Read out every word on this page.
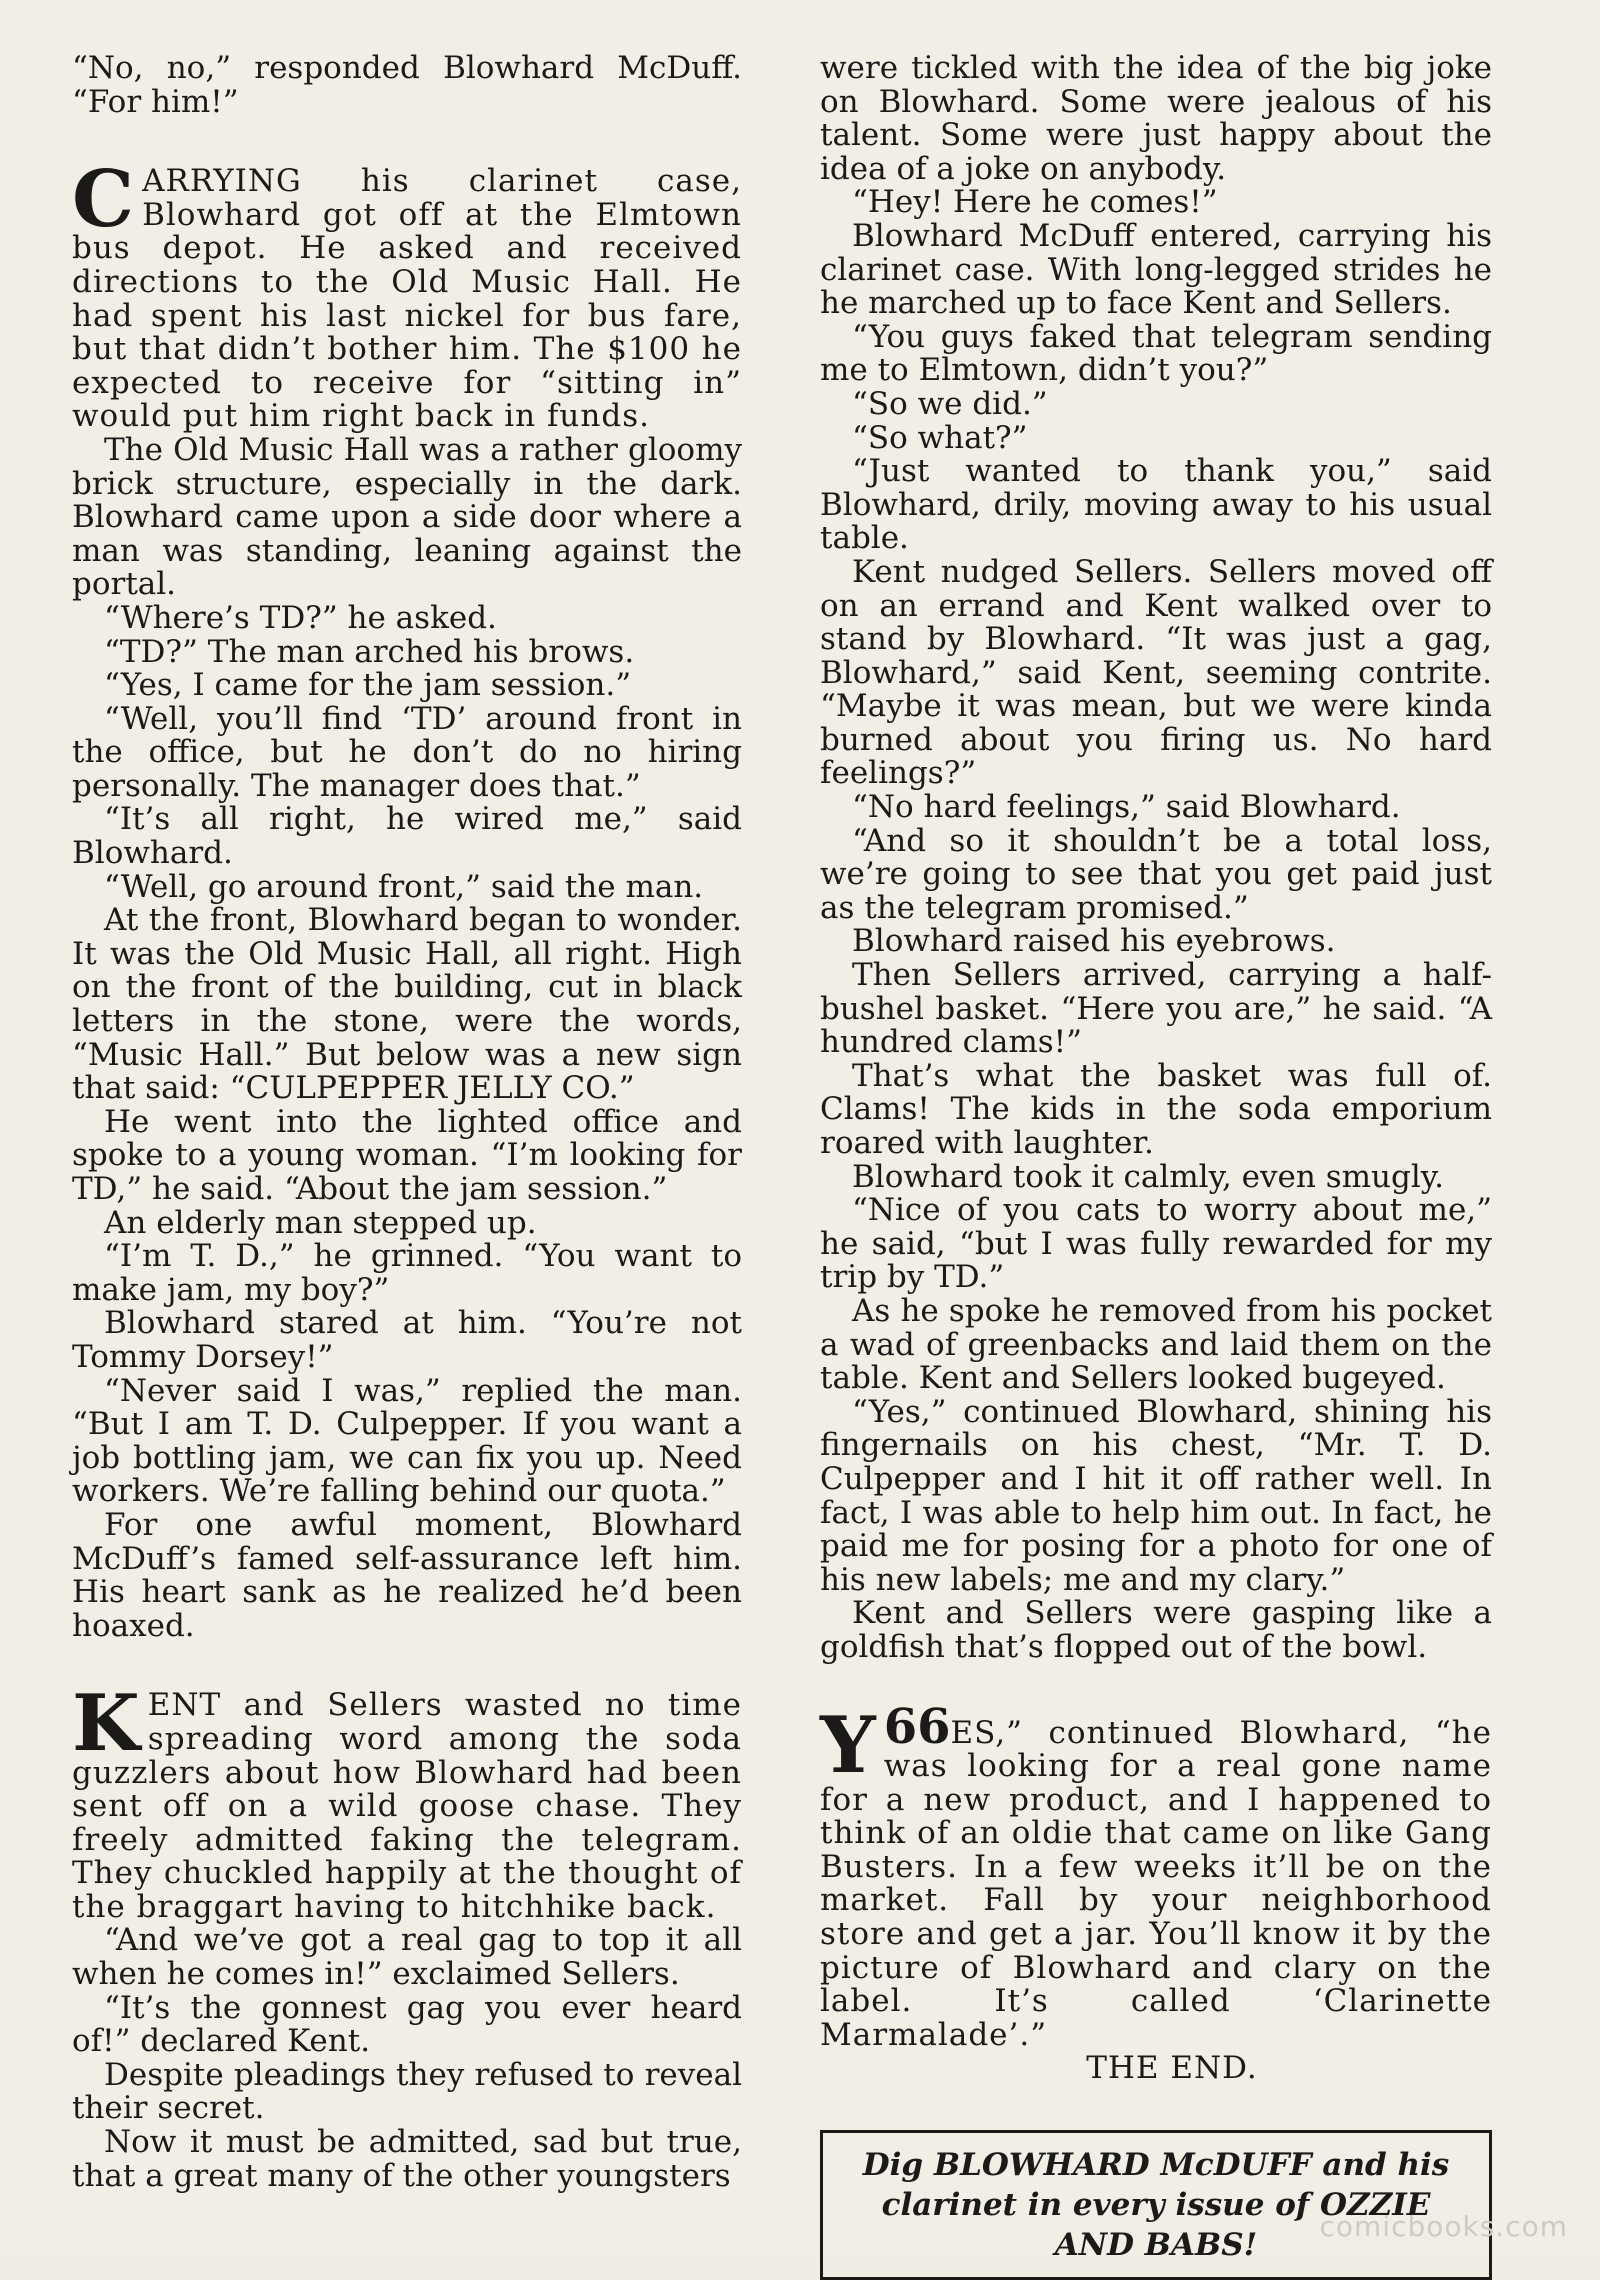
“No, no,” responded Blowhard McDuff. “For him!”

CARRYING his clarinet case, Blowhard got off at the Elmtown bus depot. He asked and received directions to the Old Music Hall. He had spent his last nickel for bus fare, but that didn’t bother him. The $100 he expected to receive for “sitting in” would put him right back in funds.

The Old Music Hall was a rather gloomy brick structure, especially in the dark. Blowhard came upon a side door where a man was standing, leaning against the portal.

“Where’s TD?” he asked.

“TD?” The man arched his brows.

“Yes, I came for the jam session.”

“Well, you’ll find ‘TD’ around front in the office, but he don’t do no hiring personally. The manager does that.”

“It’s all right, he wired me,” said Blowhard.

“Well, go around front,” said the man.

At the front, Blowhard began to wonder. It was the Old Music Hall, all right. High on the front of the building, cut in black letters in the stone, were the words, “Music Hall.” But below was a new sign that said: “CULPEPPER JELLY CO.”

He went into the lighted office and spoke to a young woman. “I’m looking for TD,” he said. “About the jam session.”

An elderly man stepped up.

“I’m T. D.,” he grinned. “You want to make jam, my boy?”

Blowhard stared at him. “You’re not Tommy Dorsey!”

“Never said I was,” replied the man. “But I am T. D. Culpepper. If you want a job bottling jam, we can fix you up. Need workers. We’re falling behind our quota.”

For one awful moment, Blowhard McDuff’s famed self-assurance left him. His heart sank as he realized he’d been hoaxed.

KENT and Sellers wasted no time spreading word among the soda guzzlers about how Blowhard had been sent off on a wild goose chase. They freely admitted faking the telegram. They chuckled happily at the thought of the braggart having to hitchhike back.

“And we’ve got a real gag to top it all when he comes in!” exclaimed Sellers.

“It’s the gonnest gag you ever heard of!” declared Kent.

Despite pleadings they refused to reveal their secret.

Now it must be admitted, sad but true, that a great many of the other youngsters

were tickled with the idea of the big joke on Blowhard. Some were jealous of his talent. Some were just happy about the idea of a joke on anybody.

“Hey! Here he comes!”

Blowhard McDuff entered, carrying his clarinet case. With long-legged strides he he marched up to face Kent and Sellers.

“You guys faked that telegram sending me to Elmtown, didn’t you?”

“So we did.”

“So what?”

“Just wanted to thank you,” said Blowhard, drily, moving away to his usual table.

Kent nudged Sellers. Sellers moved off on an errand and Kent walked over to stand by Blowhard. “It was just a gag, Blowhard,” said Kent, seeming contrite. “Maybe it was mean, but we were kinda burned about you firing us. No hard feelings?”

“No hard feelings,” said Blowhard.

“And so it shouldn’t be a total loss, we’re going to see that you get paid just as the telegram promised.”

Blowhard raised his eyebrows.

Then Sellers arrived, carrying a half-bushel basket. “Here you are,” he said. “A hundred clams!”

That’s what the basket was full of. Clams! The kids in the soda emporium roared with laughter.

Blowhard took it calmly, even smugly.

“Nice of you cats to worry about me,” he said, “but I was fully rewarded for my trip by TD.”

As he spoke he removed from his pocket a wad of greenbacks and laid them on the table. Kent and Sellers looked bugeyed.

“Yes,” continued Blowhard, shining his fingernails on his chest, “Mr. T. D. Culpepper and I hit it off rather well. In fact, I was able to help him out. In fact, he paid me for posing for a photo for one of his new labels; me and my clary.”

Kent and Sellers were gasping like a goldfish that’s flopped out of the bowl.

66
Y ES,” continued Blowhard, “he was looking for a real gone name for a new product, and I happened to think of an oldie that came on like Gang Busters. In a few weeks it’ll be on the market. Fall by your neighborhood store and get a jar. You’ll know it by the picture of Blowhard and clary on the label. It’s called ‘Clarinette Marmalade’.”

THE END.

Dig BLOWHARD McDUFF and his clarinet in every issue of OZZIE AND BABS!
comicbooks.com
